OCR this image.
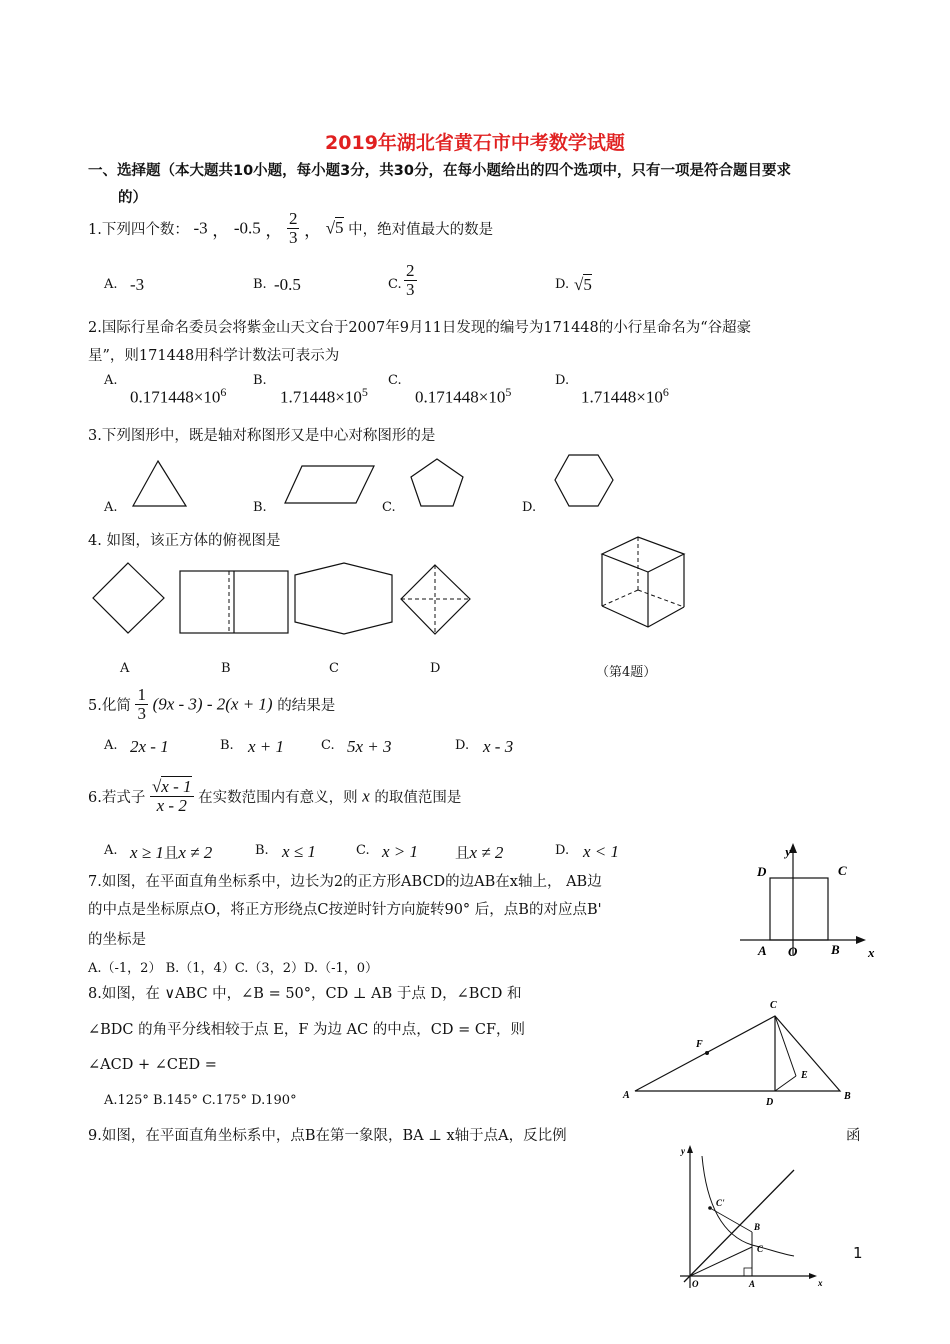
2019年湖北省黄石市中考数学试题
一、选择题（本大题共10小题，每小题3分，共30分，在每小题给出的四个选项中，只有一项是符合题目要求
的）
1.下列四个数： -3 ， -0.5 ， $\frac{2}{3}$ ， √5 中，绝对值最大的数是
A. -3	B. -0.5	C. $\frac{2}{3}$	D. √5
2.国际行星命名委员会将紫金山天文台于2007年9月11日发现的编号为171448的小行星命名为“谷超豪
星”，则171448用科学计数法可表示为
A.
$0.171448\times 10^6$
B.
$1.71448\times 10^5$
C.
$0.171448\times 10^5$
D.
$1.71448\times 10^6$
3.下列图形中，既是轴对称图形又是中心对称图形的是
A.	B.	C.	D.
4. 如图，该正方体的俯视图是
A	B	C	D	（第4题）
5.化简 $\frac{1}{3} (9x - 3) - 2(x + 1)$ 的结果是
A. 2x - 1	B. x + 1	C. 5x + 3	D. x - 3
6.若式子 $\frac{√x - 1}{x - 2}$ 在实数范围内有意义，则 x 的取值范围是
A. x ≥ 1且x ≠ 2	B. x ≤ 1	C. x > 1	且x ≠ 2	D. x < 1
7.如图，在平面直角坐标系中，边长为2的正方形ABCD的边AB在x轴上， AB边
的中点是坐标原点O，将正方形绕点C按逆时针方向旋转90° 后，点B的对应点B'
的坐标是
A.（-1，2） B.（1，4）C.（3，2）D.（-1，0）
y
x
D	C
A O	B
8.如图，在 ∨ABC 中，∠B = 50°，CD ⊥ AB 于点 D，∠BCD 和
∠BDC 的角平分线相较于点 E，F 为边 AC 的中点，CD = CF，则
∠ACD + ∠CED =
A.125° B.145° C.175° D.190°
C
A	B
D
E
F
9.如图，在平面直角坐标系中，点B在第一象限，BA ⊥ x轴于点A，反比例	函
y
x
O	A
B
C
C'
1
